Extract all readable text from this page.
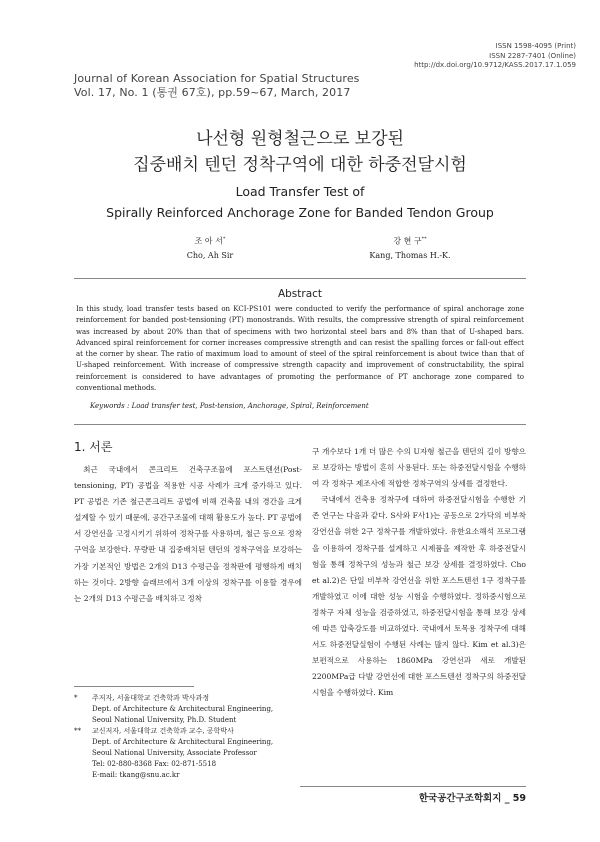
ISSN 1598-4095 (Print)
ISSN 2287-7401 (Online)
http://dx.doi.org/10.9712/KASS.2017.17.1.059
Journal of Korean Association for Spatial Structures
Vol. 17, No. 1 (통권 67호), pp.59~67, March, 2017
나선형 원형철근으로 보강된
집중배치 텐던 정착구역에 대한 하중전달시험
Load Transfer Test of
Spirally Reinforced Anchorage Zone for Banded Tendon Group
조 아 서*
Cho, Ah Sir
강 현 구**
Kang, Thomas H.-K.
Abstract
In this study, load transfer tests based on KCI-PS101 were conducted to verify the performance of spiral anchorage zone reinforcement for banded post-tensioning (PT) monostrands. With results, the compressive strength of spiral reinforcement was increased by about 20% than that of specimens with two horizontal steel bars and 8% than that of U-shaped bars. Advanced spiral reinforcement for corner increases compressive strength and can resist the spalling forces or fall-out effect at the corner by shear. The ratio of maximum load to amount of steel of the spiral reinforcement is about twice than that of U-shaped reinforcement. With increase of compressive strength capacity and improvement of constructability, the spiral reinforcement is considered to have advantages of promoting the performance of PT anchorage zone compared to conventional methods.
Keywords : Load transfer test, Post-tension, Anchorage, Spiral, Reinforcement
1. 서론

최근 국내에서 콘크리트 건축구조물에 포스트텐션(Post-tensioning, PT) 공법을 적용한 시공 사례가 크게 증가하고 있다. PT 공법은 기존 철근콘크리트 공법에 비해 건축물 내의 경간을 크게 설계할 수 있기 때문에, 공간구조물에 대해 활용도가 높다. PT 공법에서 강연선을 고정시키기 위하여 정착구를 사용하며, 철근 등으로 정착구역을 보강한다. 무량판 내 집중배치된 텐던의 정착구역을 보강하는 가장 기본적인 방법은 2개의 D13 수평근을 정착판에 평행하게 배치하는 것이다. 2방향 슬래브에서 3개 이상의 정착구를 이용할 경우에는 2개의 D13 수평근을 배치하고 정착

구 개수보다 1개 더 많은 수의 U자형 철근을 텐던의 길이 방향으로 보강하는 방법이 흔히 사용된다. 또는 하중전달시험을 수행하여 각 정착구 제조사에 적합한 정착구역의 상세를 결정한다.

국내에서 건축용 정착구에 대하여 하중전달시험을 수행한 기존 연구는 다음과 같다. S사와 F사1)는 공동으로 2가닥의 비부착 강연선을 위한 2구 정착구를 개발하였다. 유한요소해석 프로그램을 이용하여 정착구를 설계하고 시제품을 제작한 후 하중전달시험을 통해 정착구의 성능과 철근 보강 상세를 결정하였다. Cho et al.2)은 단일 비부착 강연선을 위한 포스트텐션 1구 정착구를 개발하였고 이에 대한 성능 시험을 수행하였다. 정하중시험으로 정착구 자체 성능을 검증하였고, 하중전달시험을 통해 보강 상세에 따른 압축강도를 비교하였다. 국내에서 토목용 정착구에 대해서도 하중전달실험이 수행된 사례는 많지 않다. Kim et al.3)은 보편적으로 사용하는 1860MPa 강연선과 새로 개발된 2200MPa급 다발 강연선에 대한 포스트텐션 정착구의 하중전달시험을 수행하였다. Kim

*	주저자, 서울대학교 건축학과 박사과정
Dept. of Architecture & Architectural Engineering,
Seoul National University, Ph.D. Student
**	교신저자, 서울대학교 건축학과 교수, 공학박사
Dept. of Architecture & Architectural Engineering,
Seoul National University, Associate Professor
Tel: 02-880-8368 Fax: 02-871-5518
E-mail: tkang@snu.ac.kr
한국공간구조학회지 _ 59
